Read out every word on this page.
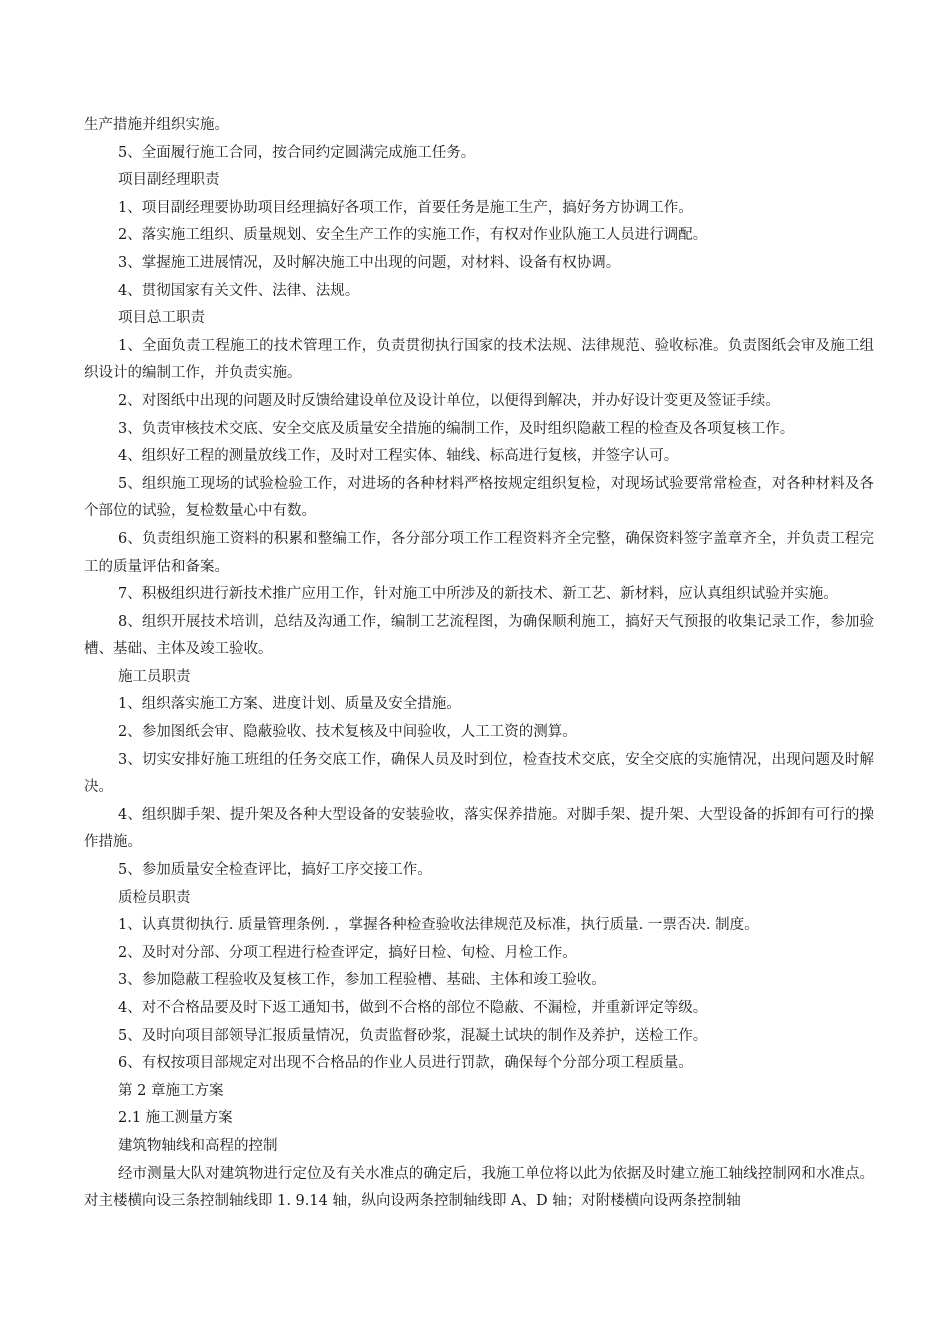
生产措施并组织实施。

5、全面履行施工合同，按合同约定圆满完成施工任务。

项目副经理职责

1、项目副经理要协助项目经理搞好各项工作，首要任务是施工生产，搞好务方协调工作。

2、落实施工组织、质量规划、安全生产工作的实施工作，有权对作业队施工人员进行调配。

3、掌握施工进展情况，及时解决施工中出现的问题，对材料、设备有权协调。

4、贯彻国家有关文件、法律、法规。

项目总工职责

1、全面负责工程施工的技术管理工作，负责贯彻执行国家的技术法规、法律规范、验收标准。负责图纸会审及施工组织设计的编制工作，并负责实施。

2、对图纸中出现的问题及时反馈给建设单位及设计单位，以便得到解决，并办好设计变更及签证手续。

3、负责审核技术交底、安全交底及质量安全措施的编制工作，及时组织隐蔽工程的检查及各项复核工作。

4、组织好工程的测量放线工作，及时对工程实体、轴线、标高进行复核，并签字认可。

5、组织施工现场的试验检验工作，对进场的各种材料严格按规定组织复检，对现场试验要常常检查，对各种材料及各个部位的试验，复检数量心中有数。

6、负责组织施工资料的积累和整编工作，各分部分项工作工程资料齐全完整，确保资料签字盖章齐全，并负责工程完工的质量评估和备案。

7、积极组织进行新技术推广应用工作，针对施工中所涉及的新技术、新工艺、新材料，应认真组织试验并实施。

8、组织开展技术培训，总结及沟通工作，编制工艺流程图，为确保顺利施工，搞好天气预报的收集记录工作，参加验槽、基础、主体及竣工验收。

施工员职责

1、组织落实施工方案、进度计划、质量及安全措施。

2、参加图纸会审、隐蔽验收、技术复核及中间验收，人工工资的测算。

3、切实安排好施工班组的任务交底工作，确保人员及时到位，检查技术交底，安全交底的实施情况，出现问题及时解决。

4、组织脚手架、提升架及各种大型设备的安装验收，落实保养措施。对脚手架、提升架、大型设备的拆卸有可行的操作措施。

5、参加质量安全检查评比，搞好工序交接工作。

质检员职责

1、认真贯彻执行. 质量管理条例. ，掌握各种检查验收法律规范及标准，执行质量. 一票否决. 制度。

2、及时对分部、分项工程进行检查评定，搞好日检、旬检、月检工作。

3、参加隐蔽工程验收及复核工作，参加工程验槽、基础、主体和竣工验收。

4、对不合格品要及时下返工通知书，做到不合格的部位不隐蔽、不漏检，并重新评定等级。

5、及时向项目部领导汇报质量情况，负责监督砂浆，混凝土试块的制作及养护，送检工作。

6、有权按项目部规定对出现不合格品的作业人员进行罚款，确保每个分部分项工程质量。

第 2 章施工方案

2.1 施工测量方案

建筑物轴线和高程的控制

经市测量大队对建筑物进行定位及有关水准点的确定后，我施工单位将以此为依据及时建立施工轴线控制网和水准点。对主楼横向设三条控制轴线即 1. 9.14 轴，纵向设两条控制轴线即 A、D 轴；对附楼横向设两条控制轴
